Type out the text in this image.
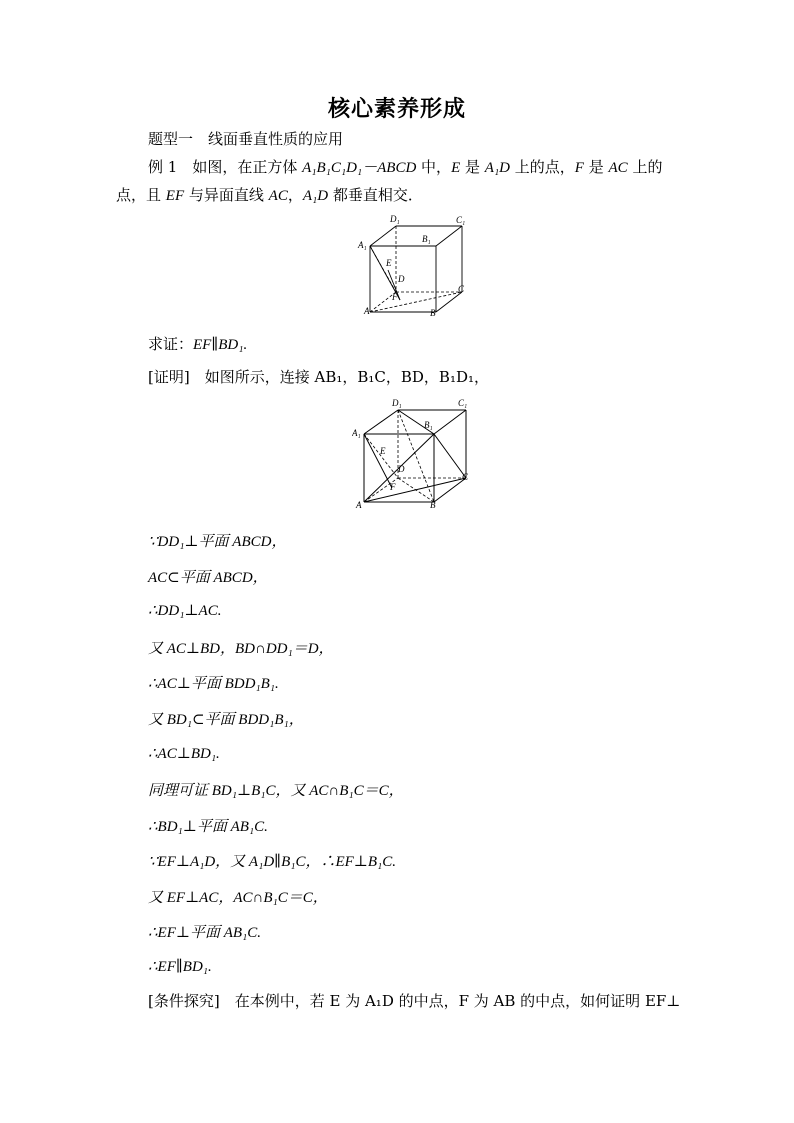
核心素养形成
题型一　线面垂直性质的应用
例 1　如图，在正方体 A₁B₁C₁D₁－ABCD 中，E 是 A₁D 上的点，F 是 AC 上的
点，且 EF 与异面直线 AC，A₁D 都垂直相交．
D₁	C₁
A₁
B₁
E
D
F
C
A	B
求证：EF∥BD₁.
[证明]　如图所示，连接 AB₁，B₁C，BD，B₁D₁，
D₁	C₁
A₁
B₁
E
D
F
C
A	B
∵DD₁⊥平面 ABCD，
AC⊂平面 ABCD，
∴DD₁⊥AC.
又 AC⊥BD，BD∩DD₁＝D，
∴AC⊥平面 BDD₁B₁.
又 BD₁⊂平面 BDD₁B₁，
∴AC⊥BD₁.
同理可证 BD₁⊥B₁C，又 AC∩B₁C＝C，
∴BD₁⊥平面 AB₁C.
∵EF⊥A₁D，又 A₁D∥B₁C，∴EF⊥B₁C.
又 EF⊥AC，AC∩B₁C＝C，
∴EF⊥平面 AB₁C.
∴EF∥BD₁.
[条件探究]　在本例中，若 E 为 A₁D 的中点，F 为 AB 的中点，如何证明 EF⊥
